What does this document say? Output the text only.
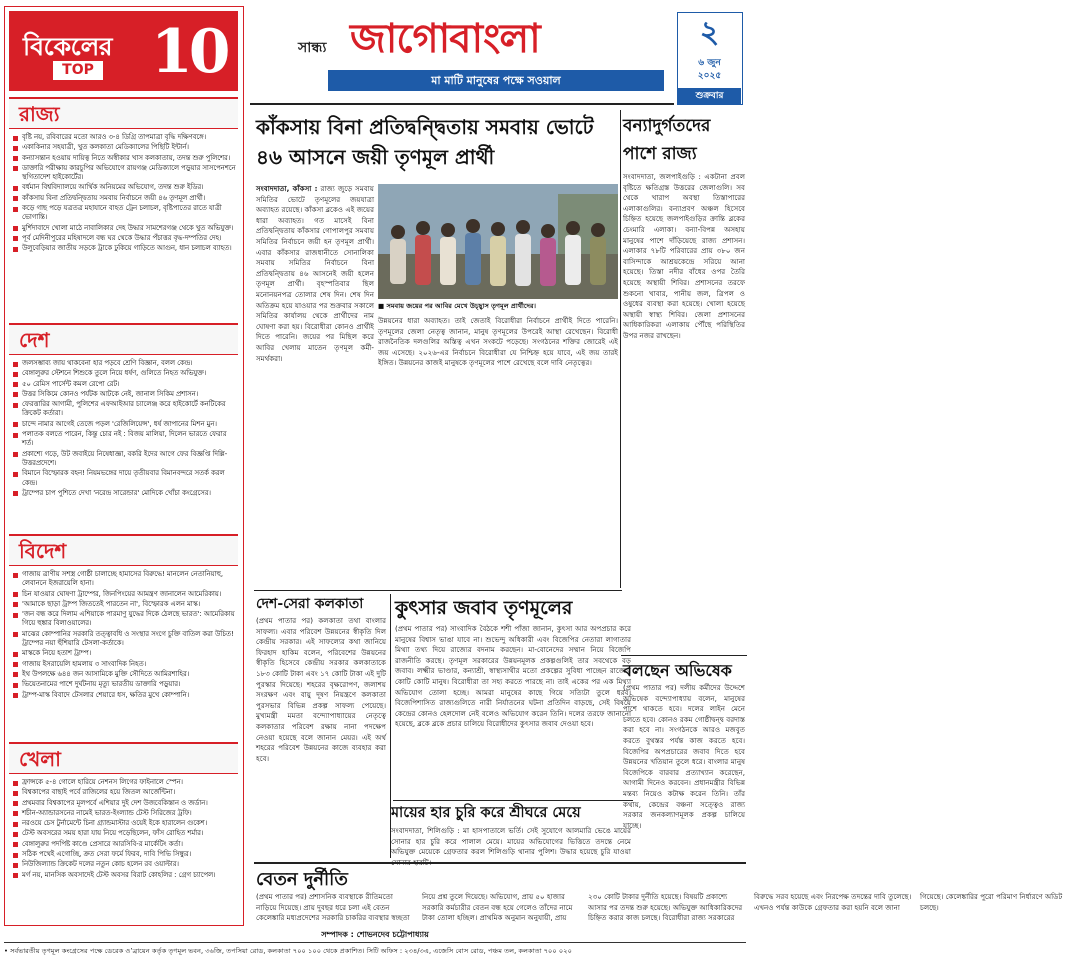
বিকেলের
TOP 10
রাজ্য
বৃষ্টি নয়, রবিবারের মতো আরও ৩-৪ ডিগ্রি তাপমাত্রা বৃদ্ধি দক্ষিণবঙ্গে।
একাকিনার সহযাত্রী, খুত কলকাতা মেডিক্যালের পিছিটি ইন্টার্ন।
কন্যাসন্তান হওয়ায় দায়িত্ব নিতে অস্বীকার খাস কলকাতায়, তদন্ত শুরু পুলিশের।
ডাক্তারি পরীক্ষায় কারচুপির অভিযোগে রায়গঞ্জ মেডিক্যালে পড়ুয়ার সাসপেনশনে স্থগিতাদেশ হাইকোর্টের।
বর্ধমান বিশ্ববিদ্যালয়ে আর্থিক অনিয়মের অভিযোগ, তদন্ত শুরু ইডির।
কাঁকসায় বিনা প্রতিদ্বন্দ্বিতায় সমবায় নির্বাচনে জয়ী ৪৬ তৃণমূল প্রার্থী।
কড়ে গাছ পড়ে যত্রতত্র মহাযানে বাহত ট্রেন চলাচল, বৃষ্টিপাতের রাতে যাত্রী ভোগান্তি।
মুর্শিদাবাদে খোলা মাঠে নাবালিকার দেহ উদ্ধার সামশেরগঞ্জ থেকে খুত অভিযুক্ত।
পূর্ব মেদিনীপুরের মহিষাদলে বন্ধ ঘর থেকে উদ্ধার পঁচাত্তর বৃদ্ধ-দম্পতির দেহ।
উলুবেড়িয়ার জাতীয় সড়কে ট্রাকে ঢুকিয়ে গাড়িতে আগুন, ধান চলাচল ব্যাহত।
দেশ
জলসম্ভাব্য জায় থাকবেনা হার পড়বে শ্রেণি বিজ্ঞান, বলল কেন্দ্র।
বেঙ্গালুরুর স্টেশনে শিশুকে তুলে নিয়ে ধর্ষণ, গুলিতে নিহত অভিযুক্ত।
৫০ রেমিস পার্সেন্ট কমল রেপো রেট।
উত্তর সিকিমে কোনও পর্যটক আটকে নেই, জানাল সিকিম প্রশাসন।
ফেরত্তারির আগামী, পুলিশের এফআইআর চ্যালেঞ্জ করে হাইকোর্টে কনটিকের ক্রিকেট কর্তারা।
চান্দে নামার আগেই তেজে পড়ল 'রেজিলিয়েন্স', ধর্ষ জাপানের মিশন মুন।
পলাতক বলতে পারেন, কিন্তু চোর নই : বিজয় মালিয়া, দিলেন ভারতে ফেরার শর্ত।
প্রকাশ্যে গড়ে, উট জবাইয়ে নিষেধাজ্ঞা, বকরি ইদের আগে ফের বিজ্ঞপ্তি দিল্লি-উত্তরপ্রদেশে।
বিমানে বিস্ফোরক বহন! নিয়মভঙ্গের দায়ে তৃতীয়বার বিমানবন্দরে সতর্ক করল কেন্দ্র।
ট্রাম্পের চাপ পুশিতে দেখা 'নরেন্দ্র সারেন্ডার' মোদিকে খোঁচা কংগ্রেসের।
বিদেশ
গাজায় ত্রাণীয় সশস্ত্র গোষ্ঠী চালাচ্ছে হামাসের বিরুদ্ধে! মানলেন নেতানিয়াহু, লেবাননে ইজরায়েলি হানা।
চিন যাওয়ার ঘোষণা ট্রাম্পের, জিনপিংয়ের আমন্ত্রণ জানালেন আমেরিকায়।
'আমাকে ছাড়া ট্রাম্প জিততেই পারতেন না', বিস্ফোরক এলন মাস্ক।
'জন বন্ধ করে দিলাম এশিয়াকে পারমাণু যুদ্ধের দিকে ঠেলছে ভারত': আমেরিকায় গিয়ে হুঙ্কার বিলাওয়ালের।
মাঝের কোম্পানির সরকারি তত্ত্বাবধি ও সংস্থার সংগে চুক্তি বাতিল করা উচিত! ট্রাম্পের নয়া হুঁশিয়ারি টেসলা-কর্তাকে।
মাস্ককে নিয়ে হতাশ ট্রাম্প।
গাজায় ইসরায়েলি হামলায় ৩ সাংবাদিক নিহত।
ইথ উপলক্ষে ৬৪৪ জন আসামিকে মুক্তি সৌদিতে আমিরশাহির।
ভিয়েতনামের পাশে দুর্ঘটনায় মৃত্যু ভারতীয় ডাক্তারি পড়ুয়ার।
ট্রাম্প-মাস্ক বিবাদে টেসলার শেয়ারে ধস, ক্ষতির মুখে কোম্পানি।
খেলা
ফ্রান্সকে ৫-৪ গোলে হারিয়ে নেশনস লিগের ফাইনালে স্পেন।
বিশ্বকাপের বাছাই পর্বে রাজিলের হয়ে জিতল আর্জেন্টিনা।
প্রথমবার বিশ্বকাপের মূলপর্বে এশিয়ার দুই দেশ উজবেকিস্তান ও জর্ডান।
শচীন-অ্যান্ডারসনের নামেই ভারত-ইংল্যান্ড টেস্ট সিরিজের ট্রফি।
নরওয়ে চেস টুর্নামেন্টে চিনা গ্র্যান্ডমাস্টার ওয়েই ইকে হারালেন গুকেশ।
টেস্ট অবসরের সময় হারা যায় নিয়ে পড়েছিলেন, ফাঁস রোহিত শর্মার।
বেঙ্গালুরুর পদপিষ্ট কাণ্ডে প্রেসারে আরসিবি-র মার্কেটিং কর্তা।
সঠিক পথেই এগোচ্ছি, ক্রত সেরা ফর্মে ফিরব, দাবি পিভি সিন্ধুর।
নিউজিল্যান্ড ক্রিকেট দলের নতুন কোচ হলেন রব ওয়াল্টার।
মর্গ নয়, মানসিক অবসাদেই টেস্ট অবসর বিরাট কোহলির : গ্রেগ চ্যাপেল।
সান্ধ্য জাগোবাংলা
মা মাটি মানুষের পক্ষে সওয়াল
২
৬ জুন
২০২৫
শুক্রবার
কাঁকসায় বিনা প্রতিদ্বন্দ্বিতায় সমবায় ভোটে ৪৬ আসনে জয়ী তৃণমূল প্রার্থী

সংবাদদাতা, কাঁকসা : রাজ্য জুড়ে সমবায় সমিতির ভোটে তৃণমূলের জয়যাত্রা অব্যাহত রয়েছে। কাঁকসা ব্লকেও এই জয়ের ধারা অব্যাহত। গত মাসেই বিনা প্রতিদ্বন্দ্বিতায় কাঁকসার গোপালপুর সমবায় সমিতির নির্বাচনে জয়ী হন তৃণমূল প্রার্থী। এবার কাঁকসার রাজধানীতে সোনালিকা সমবায় সমিতির নির্বাচনে বিনা প্রতিদ্বন্দ্বিতায় ৪৬ আসনেই জয়ী হলেন তৃণমূল প্রার্থী। বৃহস্পতিবার ছিল মনোনয়নপত্র তোলার শেষ দিন। শেষ দিন অতিক্রম হয়ে যাওয়ার পর শুক্রবার সকালে সমিতির কার্যালয় থেকে প্রার্থীদের নাম ঘোষণা করা হয়। বিরোধীরা কোনও প্রার্থীই দিতে পারেনি। জয়ের পর মিছিল করে আবির খেলায় মাতেন তৃণমূল কর্মী-সমর্থকরা।

■ সমবায় জয়ের পর আবির মেখে উচ্ছ্বাস তৃণমূল প্রার্থীদের।
উন্নয়নের ধারা অব্যাহত। তাই জেতাই বিরোধীরা নির্বাচনে প্রার্থীই দিতে পারেনি। তৃণমূলের জেলা নেতৃত্ব জানান, মানুষ তৃণমূলের উপরেই আস্থা রেখেছেন। বিরোধী রাজনৈতিক দলগুলির অস্তিত্ব এখন সংকটে পড়েছে। সংগঠনের শক্তির জোরেই এই জয় এসেছে। ২০২৬-এর নির্বাচনে বিরোধীরা যে নিশ্চিহ্ন হয়ে যাবে, এই জয় তারই ইঙ্গিত। উন্নয়নের কাজই মানুষকে তৃণমূলের পাশে রেখেছে বলে দাবি নেতৃত্বের।
বন্যাদুর্গতদের পাশে রাজ্য
সংবাদদাতা, জলপাইগুড়ি : একটানা প্রবল বৃষ্টিতে ক্ষতিগ্রস্ত উত্তরের জেলাগুলি। সব থেকে খারাপ অবস্থা তিস্তাপারের এলাকাগুলির। বন্যাপ্রবণ অঞ্চল হিসেবে চিহ্নিত হয়েছে জলপাইগুড়ির ক্রান্তি ব্লকের চেংমারি এলাকা। বন্যা-বিপন্ন অসহায় মানুষের পাশে দাঁড়িয়েছে রাজ্য প্রশাসন। এলাকার ৭৮টি পরিবারের প্রায় ৩৮০ জন বাসিন্দাকে আশ্রয়কেন্দ্রে সরিয়ে আনা হয়েছে। তিস্তা নদীর বাঁধের ওপর তৈরি হয়েছে অস্থায়ী শিবির। প্রশাসনের তরফে শুকনো খাবার, পানীয় জল, ত্রিপল ও ওষুধের ব্যবস্থা করা হয়েছে। খোলা হয়েছে অস্থায়ী স্বাস্থ্য শিবির। জেলা প্রশাসনের আধিকারিকরা এলাকায় পৌঁছে পরিস্থিতির উপর নজর রাখছেন।
দেশ-সেরা কলকাতা
(প্রথম পাতার পর) কলকাতা তথা বাংলার সাফল্য। এবার পরিবেশ উন্নয়নের স্বীকৃতি দিল কেন্দ্রীয় সরকার। এই সাফল্যের কথা জানিয়ে ফিরহাদ হাকিম বলেন, পরিবেশের উন্নয়নের স্বীকৃতি হিসেবে কেন্দ্রীয় সরকার কলকাতাকে ১৮৩ কোটি টাকা এবং ১৭ কোটি টাকা এই দুটি পুরস্কার দিয়েছে। শহরের বৃক্ষরোপণ, জলাশয় সংরক্ষণ এবং বায়ু দূষণ নিয়ন্ত্রণে কলকাতা পুরসভার বিভিন্ন প্রকল্প সাফল্য পেয়েছে। মুখ্যমন্ত্রী মমতা বন্দ্যোপাধ্যায়ের নেতৃত্বে কলকাতার পরিবেশ রক্ষায় নানা পদক্ষেপ নেওয়া হয়েছে বলে জানান মেয়র। এই অর্থ শহরের পরিবেশ উন্নয়নের কাজে ব্যবহার করা হবে।
কুৎসার জবাব তৃণমূলের
(প্রথম পাতার পর) সাংবাদিক বৈঠকে শশী পাঁজা জানান, কুৎসা আর অপপ্রচার করে মানুষের বিশ্বাস ভাঙা যাবে না। শুভেন্দু অধিকারী এবং বিজেপির নেতারা লাগাতার মিথ্যা তথ্য দিয়ে রাজ্যের বদনাম করছেন। মা-বোনেদের সম্মান নিয়ে বিজেপি রাজনীতি করছে। তৃণমূল সরকারের উন্নয়নমূলক প্রকল্পগুলিই তার সবথেকে বড় জবাব। লক্ষ্মীর ভাণ্ডার, কন্যাশ্রী, স্বাস্থ্যসাথীর মতো প্রকল্পের সুবিধা পাচ্ছেন রাজ্যের কোটি কোটি মানুষ। বিরোধীরা তা সহ্য করতে পারছে না। তাই একের পর এক মিথ্যা অভিযোগ তোলা হচ্ছে। আমরা মানুষের কাছে গিয়ে সত্যিটা তুলে ধরব। বিজেপিশাসিত রাজ্যগুলিতে নারী নির্যাতনের ঘটনা প্রতিদিন বাড়ছে, সেই বিষয়ে কেন্দ্রের কোনও হেলদোল নেই বলেও অভিযোগ করেন তিনি। দলের তরফে জানানো হয়েছে, ব্লকে ব্লকে প্রচার চালিয়ে বিরোধীদের কুৎসার জবাব দেওয়া হবে।
মায়ের হার চুরি করে শ্রীঘরে মেয়ে
সংবাদদাতা, শিলিগুড়ি : মা হাসপাতালে ভর্তি। সেই সুযোগে আলমারি ভেঙে মায়ের সোনার হার চুরি করে পালাল মেয়ে। মায়ের অভিযোগের ভিত্তিতে তদন্তে নেমে অভিযুক্ত মেয়েকে গ্রেফতার করল শিলিগুড়ি থানার পুলিশ। উদ্ধার হয়েছে চুরি যাওয়া
বলছেন অভিষেক
(প্রথম পাতার পর) দলীয় কর্মীদের উদ্দেশে অভিষেক বন্দ্যোপাধ্যায় বলেন, মানুষের পাশে থাকতে হবে। দলের লাইন মেনে চলতে হবে। কোনও রকম গোষ্ঠীদ্বন্দ্ব বরদাস্ত করা হবে না। সংগঠনকে আরও মজবুত করতে বুথস্তর পর্যন্ত কাজ করতে হবে। বিজেপির অপপ্রচারের জবাব দিতে হবে উন্নয়নের খতিয়ান তুলে ধরে। বাংলার মানুষ বিজেপিকে বারবার প্রত্যাখ্যান করেছেন, আগামী দিনেও করবেন। প্রধানমন্ত্রীর বিভিন্ন মন্তব্য নিয়েও কটাক্ষ করেন তিনি। তাঁর কথায়, কেন্দ্রের বঞ্চনা সত্ত্বেও রাজ্য সরকার জনকল্যাণমূলক প্রকল্প চালিয়ে যাচ্ছে।
বেতন দুর্নীতি
(প্রথম পাতার পর) প্রশাসনিক ব্যবস্থাকে রীতিমতো নাড়িয়ে দিয়েছে। প্রায় দুবছর ধরে চলা এই বেতন কেলেঙ্কারি মধ্যপ্রদেশের সরকারি চাকরির ব্যবস্থার স্বচ্ছতা নিয়ে প্রশ্ন তুলে দিয়েছে। অভিযোগ, প্রায় ৫০ হাজার সরকারি কর্মচারীর বেতন বন্ধ হয়ে গেলেও তাঁদের নামে টাকা তোলা হচ্ছিল। প্রাথমিক অনুমান অনুযায়ী, প্রায় ২৩০ কোটি টাকার দুর্নীতি হয়েছে। বিষয়টি প্রকাশ্যে আসার পর তদন্ত শুরু হয়েছে। অভিযুক্ত আধিকারিকদের চিহ্নিত করার কাজ চলছে। বিরোধীরা রাজ্য সরকারের বিরুদ্ধে সরব হয়েছে এবং নিরপেক্ষ তদন্তের দাবি তুলেছে। এখনও পর্যন্ত কাউকে গ্রেফতার করা হয়নি বলে জানা গিয়েছে। কেলেঙ্কারির পুরো পরিমাণ নির্ধারণে অডিট চলছে।
সম্পাদক : শোভনদেব চট্টোপাধ্যায়
• সর্বভারতীয় তৃণমূল কংগ্রেসের পক্ষে ডেরেক ও’ব্রায়েন কর্তৃক তৃণমূল ভবন, ৩৬জি, তপসিয়া রোড, কলকাতা ৭০০ ১০০ থেকে প্রকাশিত। সিটি অফিস : ২৩৪/৩এ, এজেসি বোস রোড, পঞ্চম তল, কলকাতা ৭০০ ০২০
